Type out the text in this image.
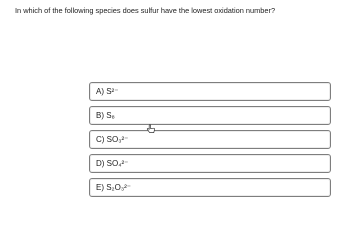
In which of the following species does sulfur have the lowest oxidation number?
A) S²⁻
B) S₈
C) SO₃²⁻
D) SO₄²⁻
E) S₂O₃²⁻
